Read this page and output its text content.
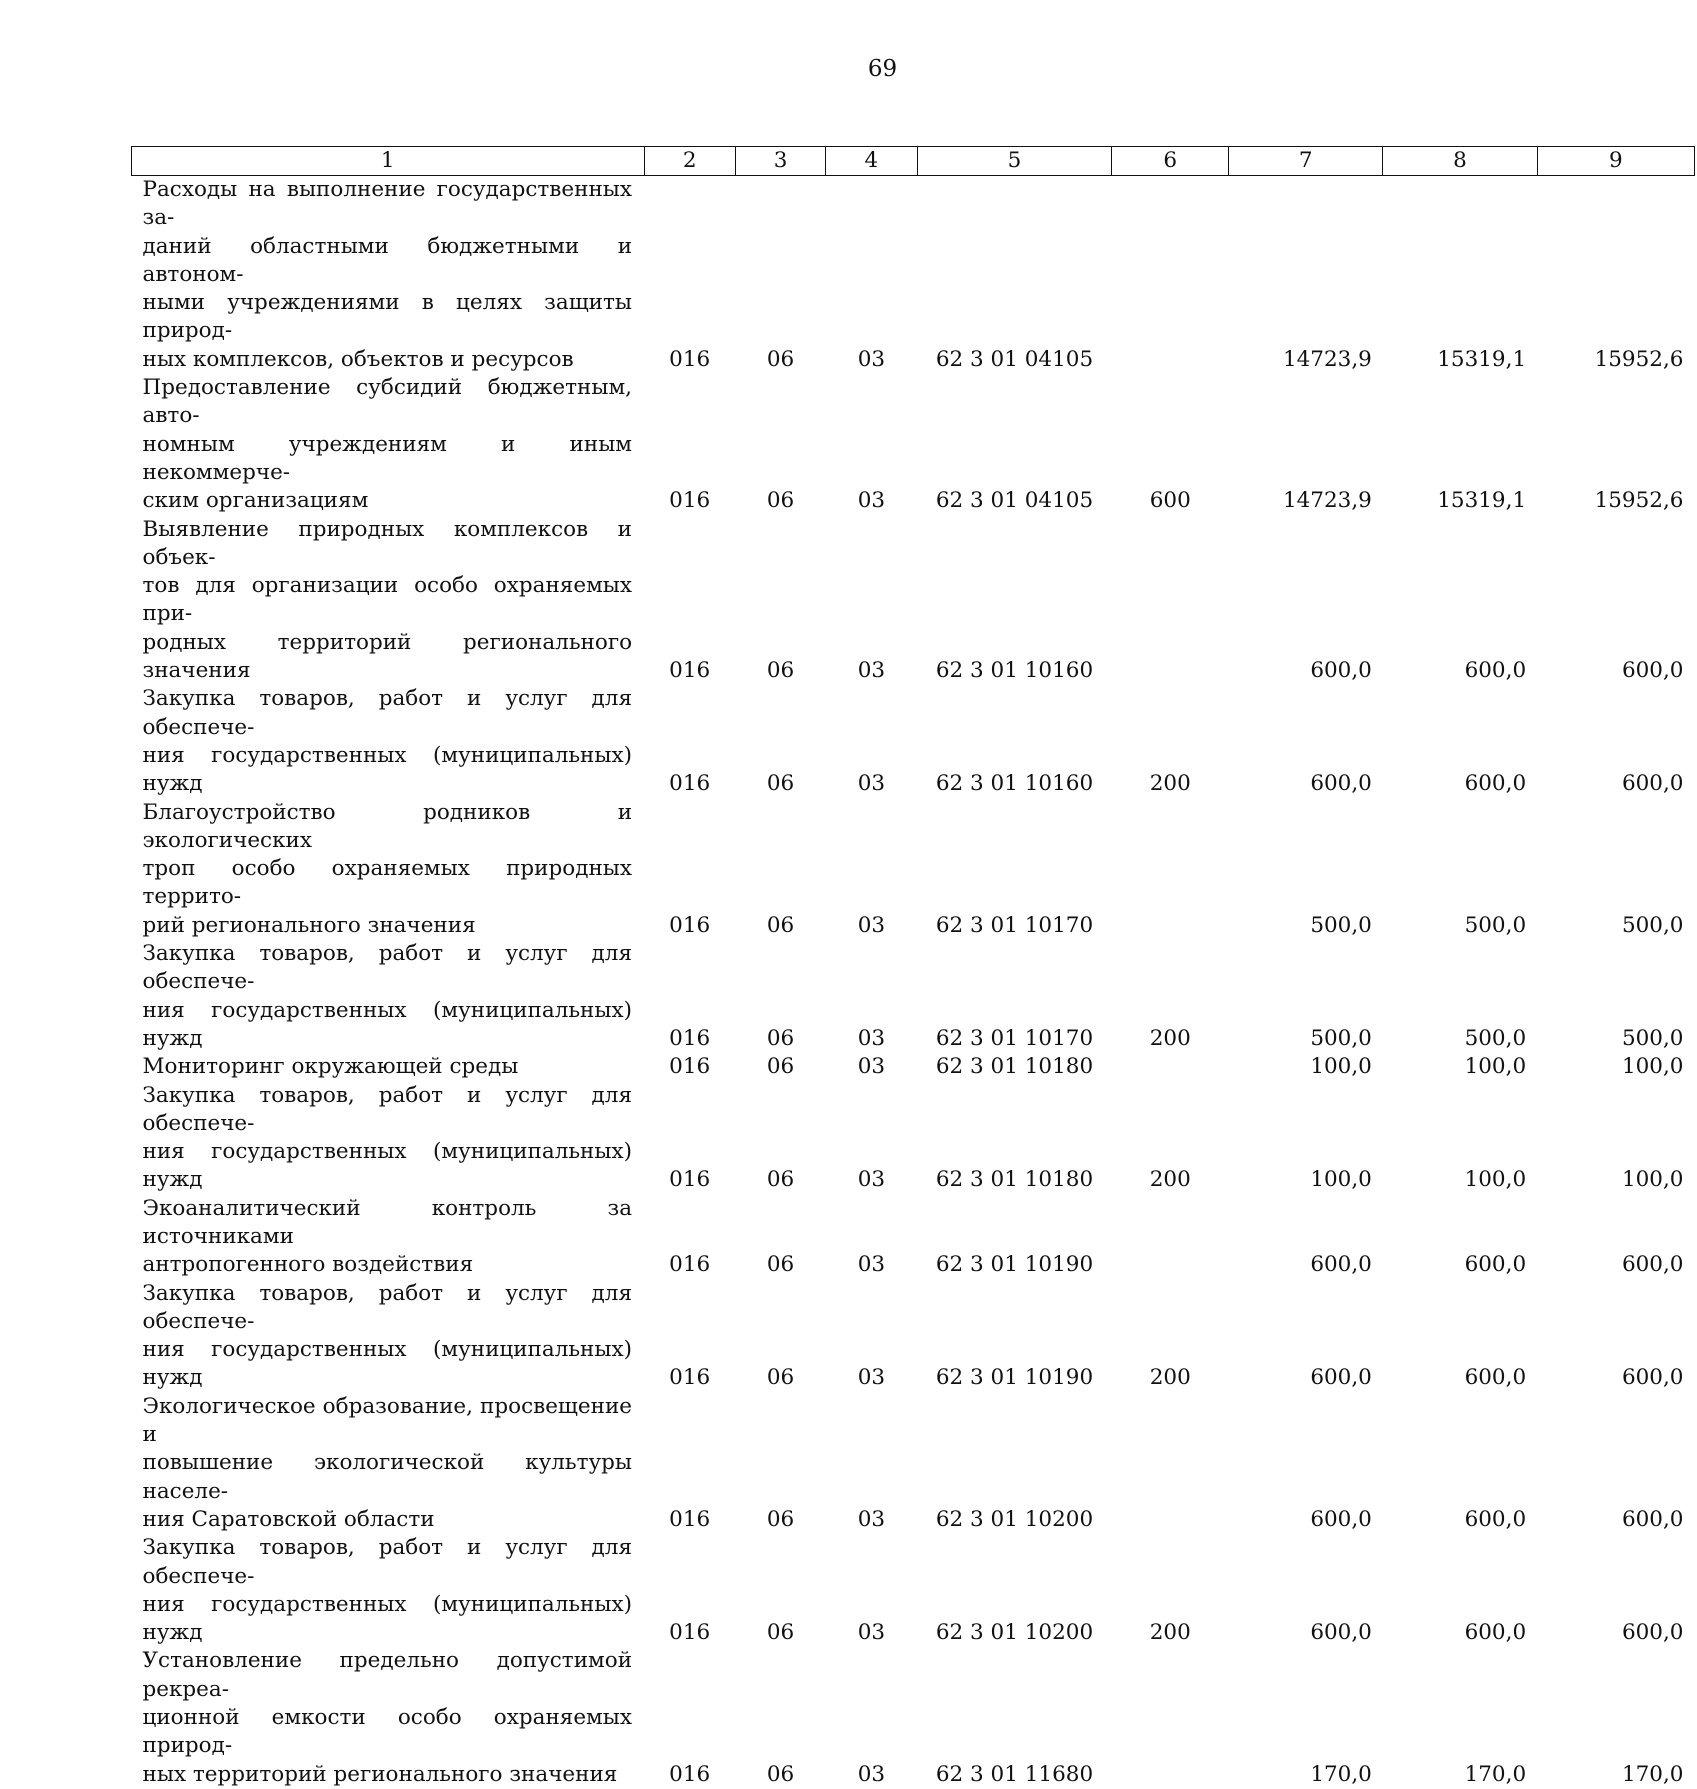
69
1	2	3	4	5	6	7	8	9

Расходы на выполнение государственных за-
даний областными бюджетными и автоном-
ными учреждениями в целях защиты природ-
ных комплексов, объектов и ресурсов	016	06	03	62 3 01 04105		14723,9	15319,1	15952,6

Предоставление субсидий бюджетным, авто-
номным учреждениям и иным некоммерче-
ским организациям	016	06	03	62 3 01 04105	600	14723,9	15319,1	15952,6

Выявление природных комплексов и объек-
тов для организации особо охраняемых при-
родных территорий регионального значения	016	06	03	62 3 01 10160		600,0	600,0	600,0

Закупка товаров, работ и услуг для обеспече-
ния государственных (муниципальных) нужд	016	06	03	62 3 01 10160	200	600,0	600,0	600,0

Благоустройство родников и экологических
троп особо охраняемых природных террито-
рий регионального значения	016	06	03	62 3 01 10170		500,0	500,0	500,0

Закупка товаров, работ и услуг для обеспече-
ния государственных (муниципальных) нужд	016	06	03	62 3 01 10170	200	500,0	500,0	500,0

Мониторинг окружающей среды	016	06	03	62 3 01 10180		100,0	100,0	100,0

Закупка товаров, работ и услуг для обеспече-
ния государственных (муниципальных) нужд	016	06	03	62 3 01 10180	200	100,0	100,0	100,0

Экоаналитический контроль за источниками
антропогенного воздействия	016	06	03	62 3 01 10190		600,0	600,0	600,0

Закупка товаров, работ и услуг для обеспече-
ния государственных (муниципальных) нужд	016	06	03	62 3 01 10190	200	600,0	600,0	600,0

Экологическое образование, просвещение и
повышение экологической культуры населе-
ния Саратовской области	016	06	03	62 3 01 10200		600,0	600,0	600,0

Закупка товаров, работ и услуг для обеспече-
ния государственных (муниципальных) нужд	016	06	03	62 3 01 10200	200	600,0	600,0	600,0

Установление предельно допустимой рекреа-
ционной емкости особо охраняемых природ-
ных территорий регионального значения	016	06	03	62 3 01 11680		170,0	170,0	170,0
